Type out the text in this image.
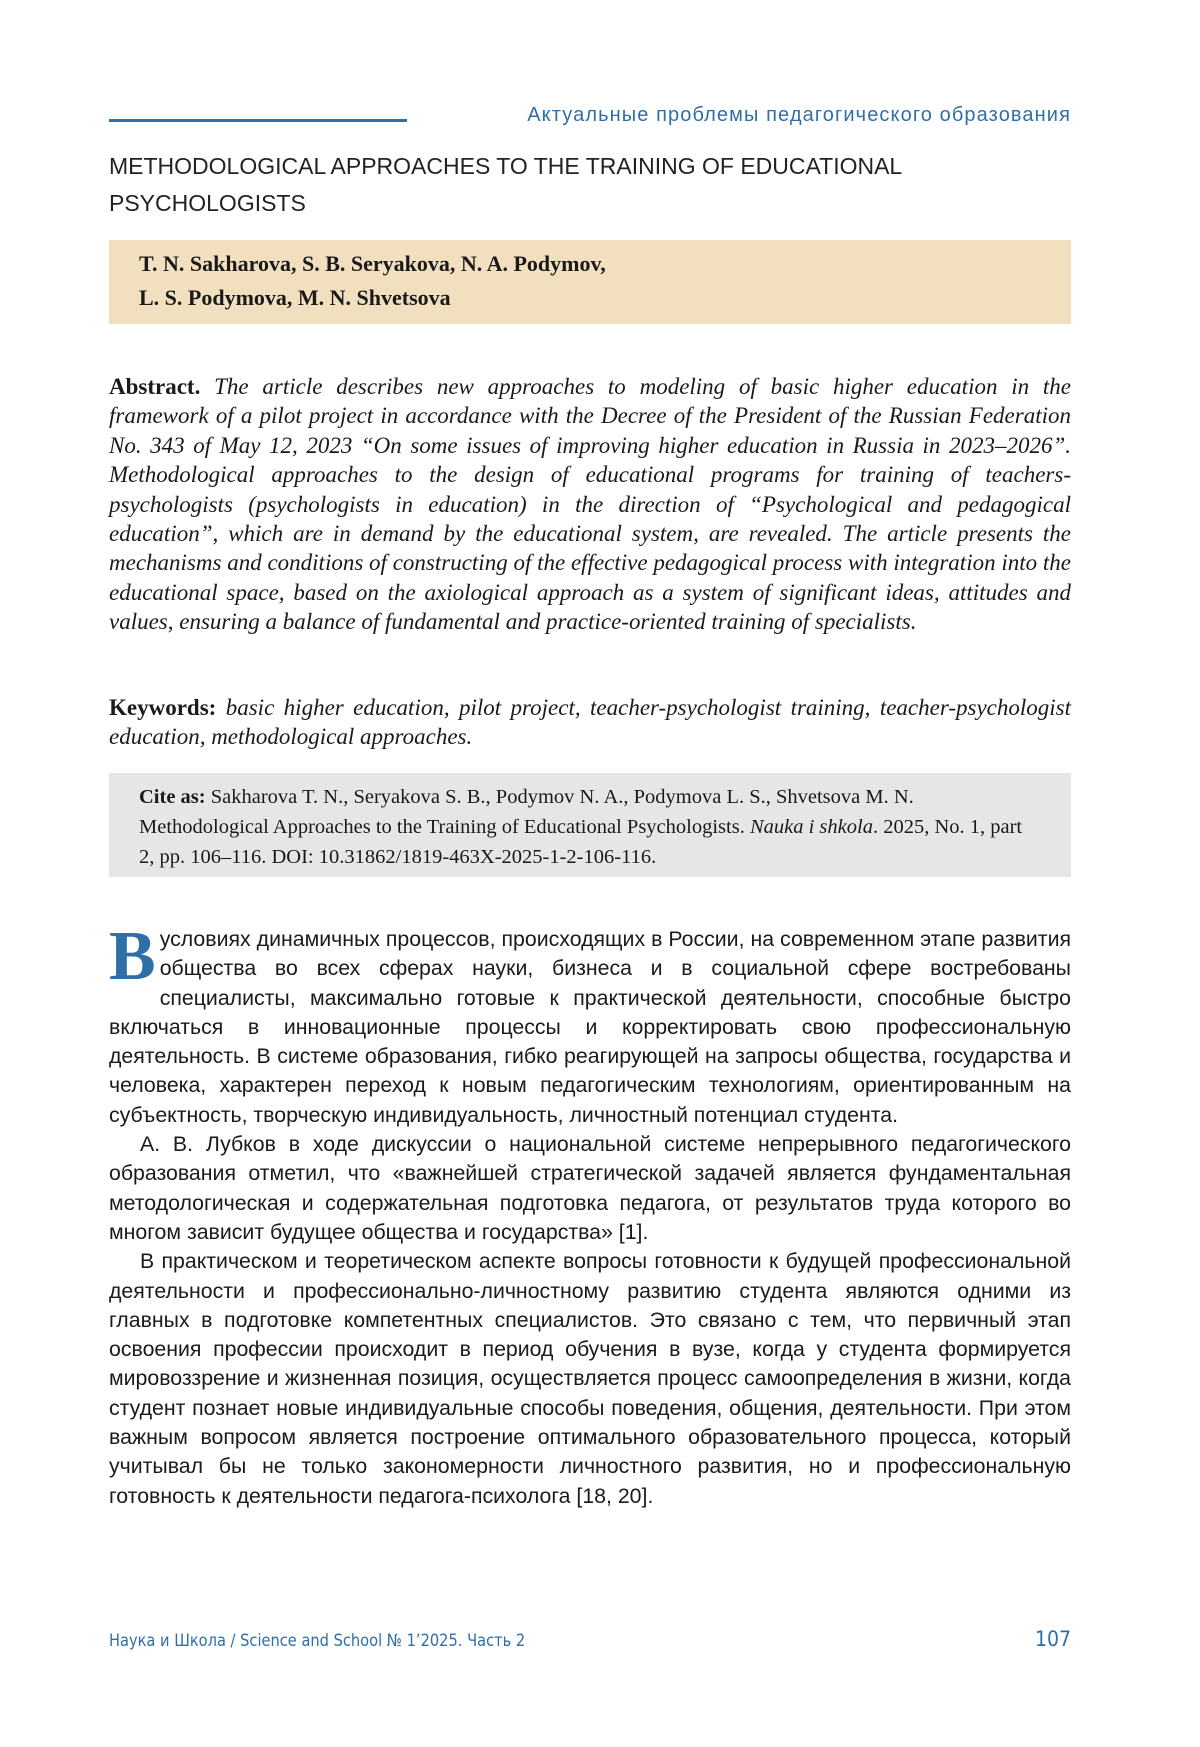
Актуальные проблемы педагогического образования
METHODOLOGICAL APPROACHES TO THE TRAINING OF EDUCATIONAL PSYCHOLOGISTS
T. N. Sakharova, S. B. Seryakova, N. A. Podymov,
L. S. Podymova, M. N. Shvetsova

Abstract. The article describes new approaches to modeling of basic higher education in the framework of a pilot project in accordance with the Decree of the President of the Russian Federation No. 343 of May 12, 2023 “On some issues of improving higher education in Russia in 2023–2026”. Methodological approaches to the design of educational programs for training of teachers-psychologists (psychologists in education) in the direction of “Psychological and pedagogical education”, which are in demand by the educational system, are revealed. The article presents the mechanisms and conditions of constructing of the effective pedagogical process with integration into the educational space, based on the axiological approach as a system of significant ideas, attitudes and values, ensuring a balance of fundamental and practice-oriented training of specialists.

Keywords: basic higher education, pilot project, teacher-psychologist training, teacher-psychologist education, methodological approaches.

Cite as: Sakharova T. N., Seryakova S. B., Podymov N. A., Podymova L. S., Shvetsova M. N. Methodological Approaches to the Training of Educational Psychologists. Nauka i shkola. 2025, No. 1, part 2, pp. 106–116. DOI: 10.31862/1819-463X-2025-1-2-106-116.

Вусловиях динамичных процессов, происходящих в России, на современном этапе развития общества во всех сферах науки, бизнеса и в социальной сфере востребованы специалисты, максимально готовые к практической деятельности, способные быстро включаться в инновационные процессы и корректировать свою профессиональную деятельность. В системе образования, гибко реагирующей на запросы общества, государства и человека, характерен переход к новым педагогическим технологиям, ориентированным на субъектность, творческую индивидуальность, личностный потенциал студента.

А. В. Лубков в ходе дискуссии о национальной системе непрерывного педагогического образования отметил, что «важнейшей стратегической задачей является фундаментальная методологическая и содержательная подготовка педагога, от результатов труда которого во многом зависит будущее общества и государства» [1].

В практическом и теоретическом аспекте вопросы готовности к будущей профессиональной деятельности и профессионально-личностному развитию студента являются одними из главных в подготовке компетентных специалистов. Это связано с тем, что первичный этап освоения профессии происходит в период обучения в вузе, когда у студента формируется мировоззрение и жизненная позиция, осуществляется процесс самоопределения в жизни, когда студент познает новые индивидуальные способы поведения, общения, деятельности. При этом важным вопросом является построение оптимального образовательного процесса, который учитывал бы не только закономерности личностного развития, но и профессиональную готовность к деятельности педагога-психолога [18, 20].

Наука и Школа / Science and School № 1’2025. Часть 2	107
